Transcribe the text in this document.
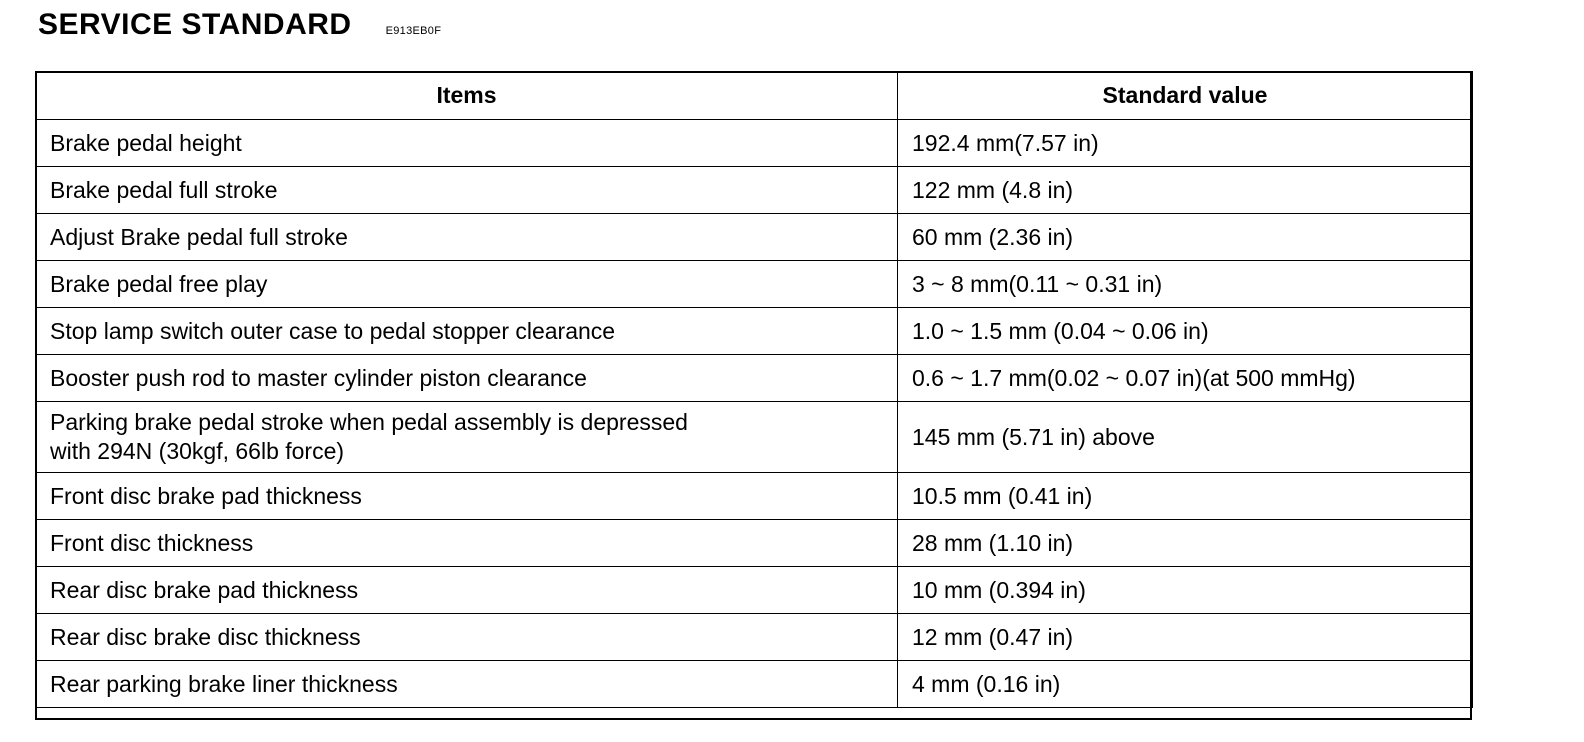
SERVICE STANDARD	E913EB0F
Items	Standard value
Brake pedal height	192.4 mm(7.57 in)
Brake pedal full stroke	122 mm (4.8 in)
Adjust Brake pedal full stroke	60 mm (2.36 in)
Brake pedal free play	3 ~ 8 mm(0.11 ~ 0.31 in)
Stop lamp switch outer case to pedal stopper clearance	1.0 ~ 1.5 mm (0.04 ~ 0.06 in)
Booster push rod to master cylinder piston clearance	0.6 ~ 1.7 mm(0.02 ~ 0.07 in)(at 500 mmHg)

Parking brake pedal stroke when pedal assembly is depressed
with 294N (30kgf, 66lb force)	145 mm (5.71 in) above
Front disc brake pad thickness	10.5 mm (0.41 in)
Front disc thickness	28 mm (1.10 in)
Rear disc brake pad thickness	10 mm (0.394 in)
Rear disc brake disc thickness	12 mm (0.47 in)
Rear parking brake liner thickness	4 mm (0.16 in)
